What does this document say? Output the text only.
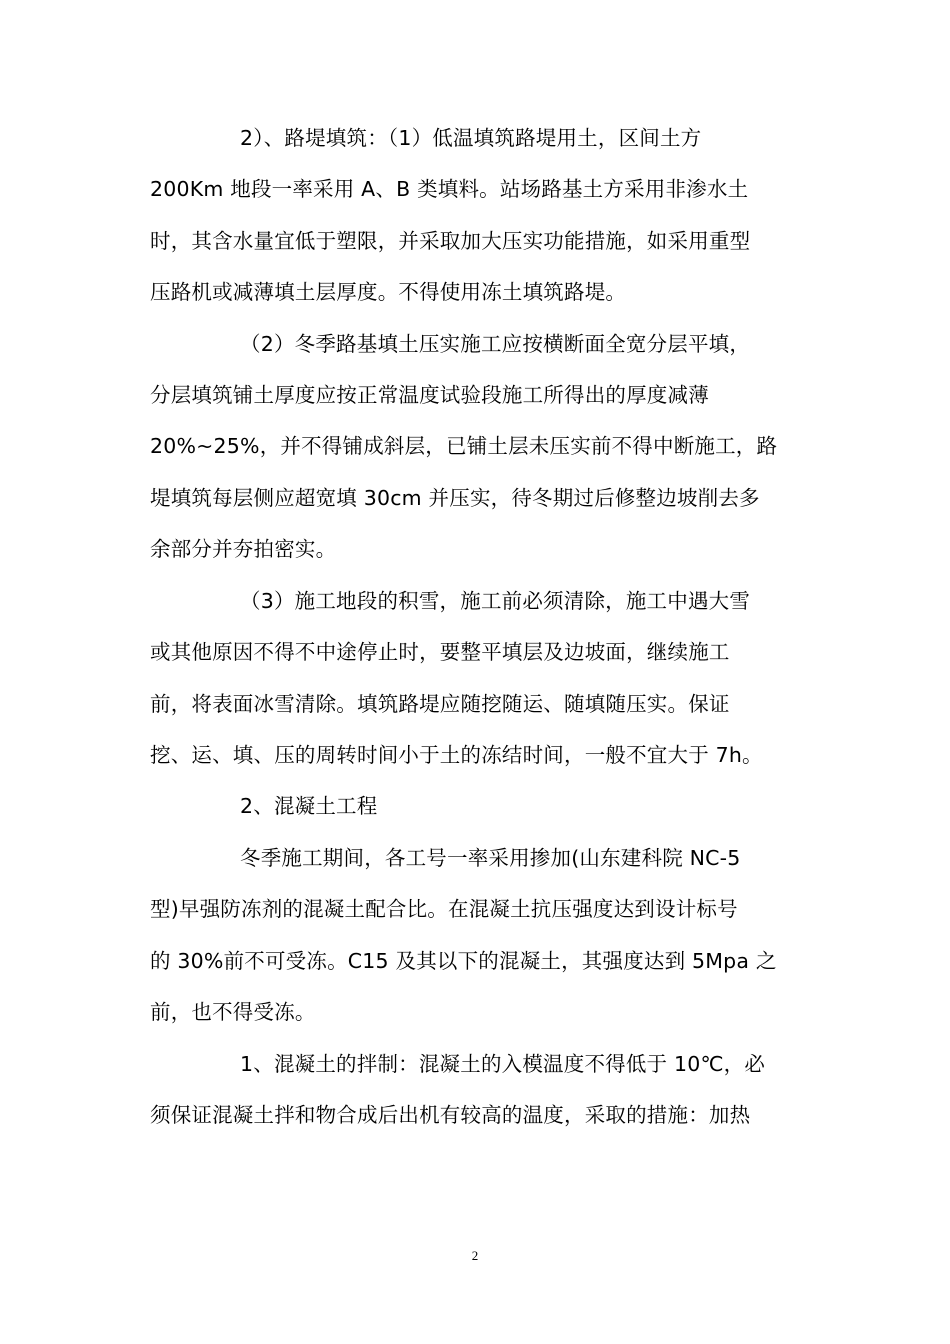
2）、路堤填筑：（1）低温填筑路堤用土，区间土方
200Km 地段一率采用 A、B 类填料。站场路基土方采用非渗水土
时，其含水量宜低于塑限，并采取加大压实功能措施，如采用重型
压路机或减薄填土层厚度。不得使用冻土填筑路堤。
（2）冬季路基填土压实施工应按横断面全宽分层平填，
分层填筑铺土厚度应按正常温度试验段施工所得出的厚度减薄
20%~25%，并不得铺成斜层，已铺土层未压实前不得中断施工，路
堤填筑每层侧应超宽填 30cm 并压实，待冬期过后修整边坡削去多
余部分并夯拍密实。
（3）施工地段的积雪，施工前必须清除，施工中遇大雪
或其他原因不得不中途停止时，要整平填层及边坡面，继续施工
前，将表面冰雪清除。填筑路堤应随挖随运、随填随压实。保证
挖、运、填、压的周转时间小于土的冻结时间，一般不宜大于 7h。
2、混凝土工程
冬季施工期间，各工号一率采用掺加(山东建科院 NC-5
型)早强防冻剂的混凝土配合比。在混凝土抗压强度达到设计标号
的 30%前不可受冻。C15 及其以下的混凝土，其强度达到 5Mpa 之
前，也不得受冻。
1、混凝土的拌制：混凝土的入模温度不得低于 10℃，必
须保证混凝土拌和物合成后出机有较高的温度，采取的措施：加热
2
